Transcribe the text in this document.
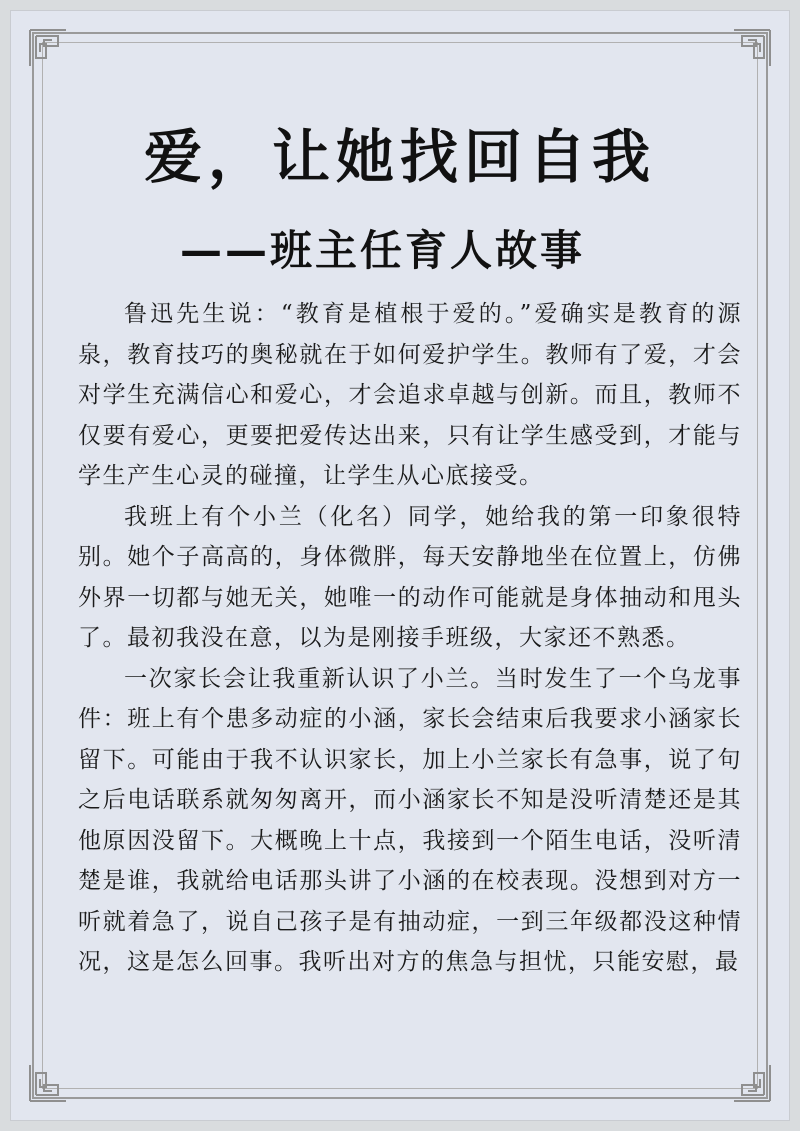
爱，让她找回自我
——班主任育人故事

鲁迅先生说：“教育是植根于爱的。”爱确实是教育的源泉，教育技巧的奥秘就在于如何爱护学生。教师有了爱，才会对学生充满信心和爱心，才会追求卓越与创新。而且，教师不仅要有爱心，更要把爱传达出来，只有让学生感受到，才能与学生产生心灵的碰撞，让学生从心底接受。

我班上有个小兰（化名）同学，她给我的第一印象很特别。她个子高高的，身体微胖，每天安静地坐在位置上，仿佛外界一切都与她无关，她唯一的动作可能就是身体抽动和甩头了。最初我没在意，以为是刚接手班级，大家还不熟悉。

一次家长会让我重新认识了小兰。当时发生了一个乌龙事件：班上有个患多动症的小涵，家长会结束后我要求小涵家长留下。可能由于我不认识家长，加上小兰家长有急事，说了句之后电话联系就匆匆离开，而小涵家长不知是没听清楚还是其他原因没留下。大概晚上十点，我接到一个陌生电话，没听清楚是谁，我就给电话那头讲了小涵的在校表现。没想到对方一听就着急了，说自己孩子是有抽动症，一到三年级都没这种情况，这是怎么回事。我听出对方的焦急与担忧，只能安慰，最
